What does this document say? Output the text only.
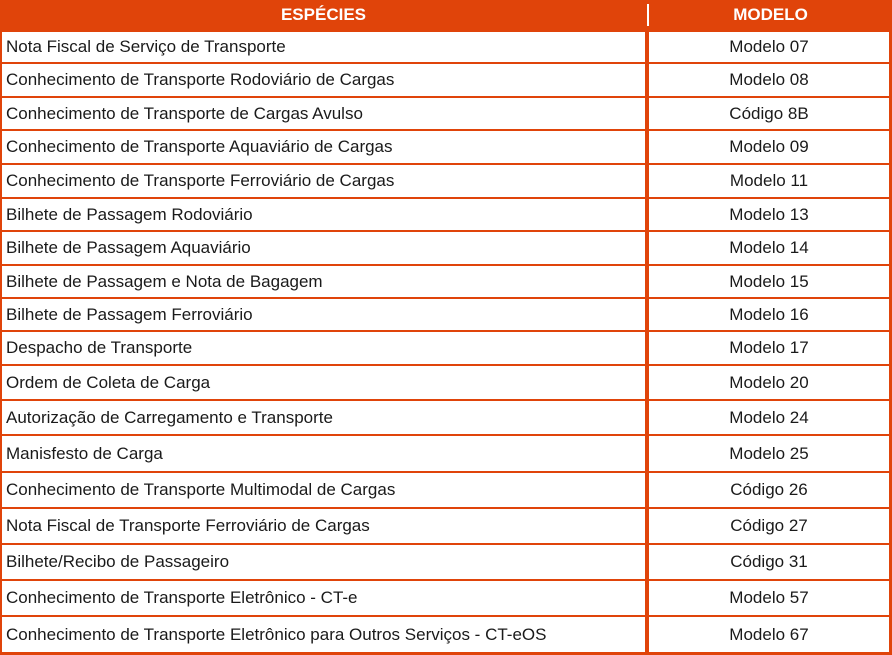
ESPÉCIES	MODELO
Nota Fiscal de Serviço de Transporte	Modelo 07
Conhecimento de Transporte Rodoviário de Cargas	Modelo 08
Conhecimento de Transporte de Cargas Avulso	Código 8B
Conhecimento de Transporte Aquaviário de Cargas	Modelo 09
Conhecimento de Transporte Ferroviário de Cargas	Modelo 11
Bilhete de Passagem Rodoviário	Modelo 13
Bilhete de Passagem Aquaviário	Modelo 14
Bilhete de Passagem e Nota de Bagagem	Modelo 15
Bilhete de Passagem Ferroviário	Modelo 16
Despacho de Transporte	Modelo 17
Ordem de Coleta de Carga	Modelo 20
Autorização de Carregamento e Transporte	Modelo 24
Manisfesto de Carga	Modelo 25
Conhecimento de Transporte Multimodal de Cargas	Código 26
Nota Fiscal de Transporte Ferroviário de Cargas	Código 27
Bilhete/Recibo de Passageiro	Código 31
Conhecimento de Transporte Eletrônico - CT-e	Modelo 57
Conhecimento de Transporte Eletrônico para Outros Serviços - CT-eOS	Modelo 67
